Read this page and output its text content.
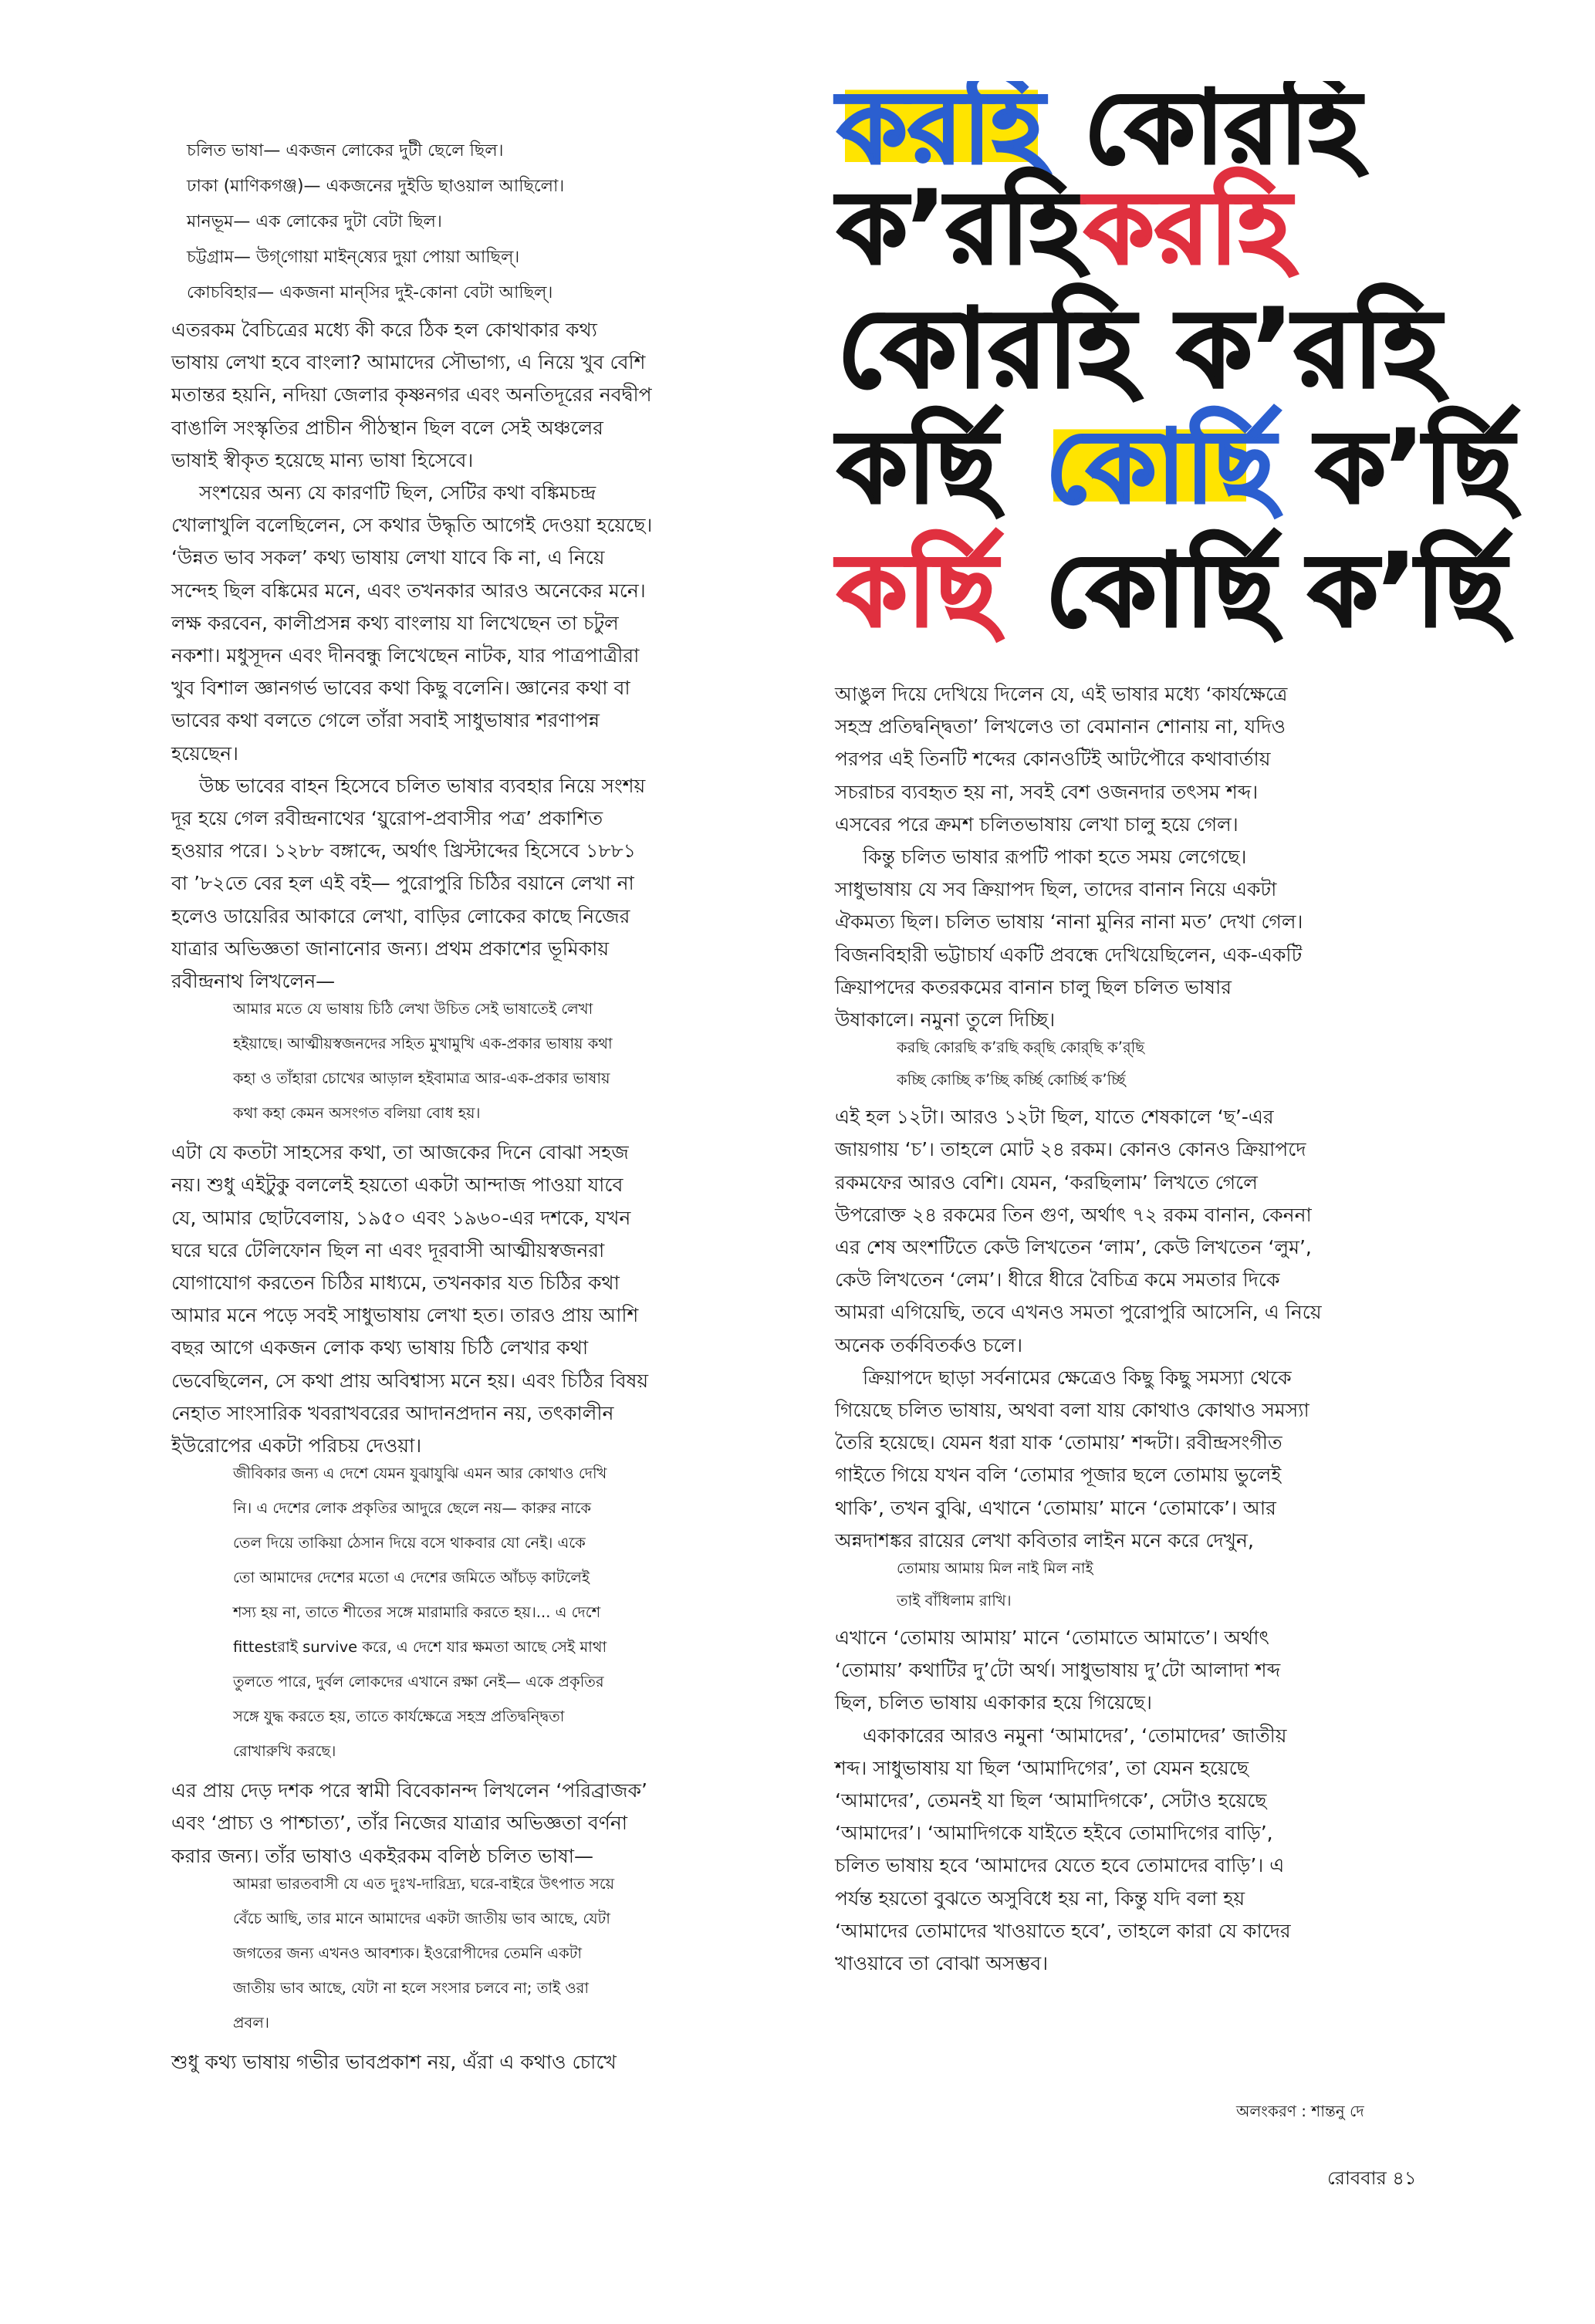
করহি কোরহি
ক’রহি করহি
কোরহি ক’রহি
কর্ছি কোর্ছি ক’র্ছি
কর্ছি কোর্ছি ক’র্ছি
চলিত ভাষা— একজন লোকের দুটী ছেলে ছিল।
ঢাকা (মাণিকগঞ্জ)— একজনের দুইডি ছাওয়াল আছিলো।
মানভূম— এক লোকের দুটা বেটা ছিল।
চট্টগ্রাম— উগ্‌গোয়া মাইন্‌ষ্যের দুয়া পোয়া আছিল্‌।
কোচবিহার— একজনা মান্‌সির দুই-কোনা বেটা আছিল্‌।
এতরকম বৈচিত্রের মধ্যে কী করে ঠিক হল কোথাকার কথ্য
ভাষায় লেখা হবে বাংলা? আমাদের সৌভাগ্য, এ নিয়ে খুব বেশি
মতান্তর হয়নি, নদিয়া জেলার কৃষ্ণনগর এবং অনতিদূরের নবদ্বীপ
বাঙালি সংস্কৃতির প্রাচীন পীঠস্থান ছিল বলে সেই অঞ্চলের
ভাষাই স্বীকৃত হয়েছে মান্য ভাষা হিসেবে।
সংশয়ের অন্য যে কারণটি ছিল, সেটির কথা বঙ্কিমচন্দ্র
খোলাখুলি বলেছিলেন, সে কথার উদ্ধৃতি আগেই দেওয়া হয়েছে।
‘উন্নত ভাব সকল’ কথ্য ভাষায় লেখা যাবে কি না, এ নিয়ে
সন্দেহ ছিল বঙ্কিমের মনে, এবং তখনকার আরও অনেকের মনে।
লক্ষ করবেন, কালীপ্রসন্ন কথ্য বাংলায় যা লিখেছেন তা চটুল
নকশা। মধুসূদন এবং দীনবন্ধু লিখেছেন নাটক, যার পাত্রপাত্রীরা
খুব বিশাল জ্ঞানগর্ভ ভাবের কথা কিছু বলেনি। জ্ঞানের কথা বা
ভাবের কথা বলতে গেলে তাঁরা সবাই সাধুভাষার শরণাপন্ন
হয়েছেন।
উচ্চ ভাবের বাহন হিসেবে চলিত ভাষার ব্যবহার নিয়ে সংশয়
দূর হয়ে গেল রবীন্দ্রনাথের ‘য়ুরোপ-প্রবাসীর পত্র’ প্রকাশিত
হওয়ার পরে। ১২৮৮ বঙ্গাব্দে, অর্থাৎ খ্রিস্টাব্দের হিসেবে ১৮৮১
বা ’৮২তে বের হল এই বই— পুরোপুরি চিঠির বয়ানে লেখা না
হলেও ডায়েরির আকারে লেখা, বাড়ির লোকের কাছে নিজের
যাত্রার অভিজ্ঞতা জানানোর জন্য। প্রথম প্রকাশের ভূমিকায়
রবীন্দ্রনাথ লিখলেন—
আমার মতে যে ভাষায় চিঠি লেখা উচিত সেই ভাষাতেই লেখা
হইয়াছে। আত্মীয়স্বজনদের সহিত মুখামুখি এক-প্রকার ভাষায় কথা
কহা ও তাঁহারা চোখের আড়াল হইবামাত্র আর-এক-প্রকার ভাষায়
কথা কহা কেমন অসংগত বলিয়া বোধ হয়।
এটা যে কতটা সাহসের কথা, তা আজকের দিনে বোঝা সহজ
নয়। শুধু এইটুকু বললেই হয়তো একটা আন্দাজ পাওয়া যাবে
যে, আমার ছোটবেলায়, ১৯৫০ এবং ১৯৬০-এর দশকে, যখন
ঘরে ঘরে টেলিফোন ছিল না এবং দূরবাসী আত্মীয়স্বজনরা
যোগাযোগ করতেন চিঠির মাধ্যমে, তখনকার যত চিঠির কথা
আমার মনে পড়ে সবই সাধুভাষায় লেখা হত। তারও প্রায় আশি
বছর আগে একজন লোক কথ্য ভাষায় চিঠি লেখার কথা
ভেবেছিলেন, সে কথা প্রায় অবিশ্বাস্য মনে হয়। এবং চিঠির বিষয়
নেহাত সাংসারিক খবরাখবরের আদানপ্রদান নয়, তৎকালীন
ইউরোপের একটা পরিচয় দেওয়া।
জীবিকার জন্য এ দেশে যেমন যুঝাযুঝি এমন আর কোথাও দেখি
নি। এ দেশের লোক প্রকৃতির আদুরে ছেলে নয়— কারুর নাকে
তেল দিয়ে তাকিয়া ঠেসান দিয়ে বসে থাকবার যো নেই। একে
তো আমাদের দেশের মতো এ দেশের জমিতে আঁচড় কাটলেই
শস্য হয় না, তাতে শীতের সঙ্গে মারামারি করতে হয়।... এ দেশে
fittestরাই survive করে, এ দেশে যার ক্ষমতা আছে সেই মাথা
তুলতে পারে, দুর্বল লোকদের এখানে রক্ষা নেই— একে প্রকৃতির
সঙ্গে যুদ্ধ করতে হয়, তাতে কার্যক্ষেত্রে সহস্র প্রতিদ্বন্দ্বিতা
রোখারুখি করছে।
এর প্রায় দেড় দশক পরে স্বামী বিবেকানন্দ লিখলেন ‘পরিব্রাজক’
এবং ‘প্রাচ্য ও পাশ্চাত্য’, তাঁর নিজের যাত্রার অভিজ্ঞতা বর্ণনা
করার জন্য। তাঁর ভাষাও একইরকম বলিষ্ঠ চলিত ভাষা—
আমরা ভারতবাসী যে এত দুঃখ-দারিদ্র্য, ঘরে-বাইরে উৎপাত সয়ে
বেঁচে আছি, তার মানে আমাদের একটা জাতীয় ভাব আছে, যেটা
জগতের জন্য এখনও আবশ্যক। ইওরোপীদের তেমনি একটা
জাতীয় ভাব আছে, যেটা না হলে সংসার চলবে না; তাই ওরা
প্রবল।
শুধু কথ্য ভাষায় গভীর ভাবপ্রকাশ নয়, এঁরা এ কথাও চোখে
আঙুল দিয়ে দেখিয়ে দিলেন যে, এই ভাষার মধ্যে ‘কার্যক্ষেত্রে
সহস্র প্রতিদ্বন্দ্বিতা’ লিখলেও তা বেমানান শোনায় না, যদিও
পরপর এই তিনটি শব্দের কোনওটিই আটপৌরে কথাবার্তায়
সচরাচর ব্যবহৃত হয় না, সবই বেশ ওজনদার তৎসম শব্দ।
এসবের পরে ক্রমশ চলিতভাষায় লেখা চালু হয়ে গেল।
কিন্তু চলিত ভাষার রূপটি পাকা হতে সময় লেগেছে।
সাধুভাষায় যে সব ক্রিয়াপদ ছিল, তাদের বানান নিয়ে একটা
ঐকমত্য ছিল। চলিত ভাষায় ‘নানা মুনির নানা মত’ দেখা গেল।
বিজনবিহারী ভট্টাচার্য একটি প্রবন্ধে দেখিয়েছিলেন, এক-একটি
ক্রিয়াপদের কতরকমের বানান চালু ছিল চলিত ভাষার
উষাকালে। নমুনা তুলে দিচ্ছি।
করছি কোরছি ক’রছি কর্‌ছি কোর্‌ছি ক’র্‌ছি
কচ্ছি কোচ্ছি ক’চ্ছি কর্চ্ছি কোর্চ্ছি ক’র্চ্ছি
এই হল ১২টা। আরও ১২টা ছিল, যাতে শেষকালে ‘ছ’-এর
জায়গায় ‘চ’। তাহলে মোট ২৪ রকম। কোনও কোনও ক্রিয়াপদে
রকমফের আরও বেশি। যেমন, ‘করছিলাম’ লিখতে গেলে
উপরোক্ত ২৪ রকমের তিন গুণ, অর্থাৎ ৭২ রকম বানান, কেননা
এর শেষ অংশটিতে কেউ লিখতেন ‘লাম’, কেউ লিখতেন ‘লুম’,
কেউ লিখতেন ‘লেম’। ধীরে ধীরে বৈচিত্র কমে সমতার দিকে
আমরা এগিয়েছি, তবে এখনও সমতা পুরোপুরি আসেনি, এ নিয়ে
অনেক তর্কবিতর্কও চলে।
ক্রিয়াপদে ছাড়া সর্বনামের ক্ষেত্রেও কিছু কিছু সমস্যা থেকে
গিয়েছে চলিত ভাষায়, অথবা বলা যায় কোথাও কোথাও সমস্যা
তৈরি হয়েছে। যেমন ধরা যাক ‘তোমায়’ শব্দটা। রবীন্দ্রসংগীত
গাইতে গিয়ে যখন বলি ‘তোমার পূজার ছলে তোমায় ভুলেই
থাকি’, তখন বুঝি, এখানে ‘তোমায়’ মানে ‘তোমাকে’। আর
অন্নদাশঙ্কর রায়ের লেখা কবিতার লাইন মনে করে দেখুন,
তোমায় আমায় মিল নাই মিল নাই
তাই বাঁধিলাম রাখি।
এখানে ‘তোমায় আমায়’ মানে ‘তোমাতে আমাতে’। অর্থাৎ
‘তোমায়’ কথাটির দু’টো অর্থ। সাধুভাষায় দু’টো আলাদা শব্দ
ছিল, চলিত ভাষায় একাকার হয়ে গিয়েছে।
একাকারের আরও নমুনা ‘আমাদের’, ‘তোমাদের’ জাতীয়
শব্দ। সাধুভাষায় যা ছিল ‘আমাদিগের’, তা যেমন হয়েছে
‘আমাদের’, তেমনই যা ছিল ‘আমাদিগকে’, সেটাও হয়েছে
‘আমাদের’। ‘আমাদিগকে যাইতে হইবে তোমাদিগের বাড়ি’,
চলিত ভাষায় হবে ‘আমাদের যেতে হবে তোমাদের বাড়ি’। এ
পর্যন্ত হয়তো বুঝতে অসুবিধে হয় না, কিন্তু যদি বলা হয়
‘আমাদের তোমাদের খাওয়াতে হবে’, তাহলে কারা যে কাদের
খাওয়াবে তা বোঝা অসম্ভব।
অলংকরণ : শান্তনু দে
রোববার ৪১
